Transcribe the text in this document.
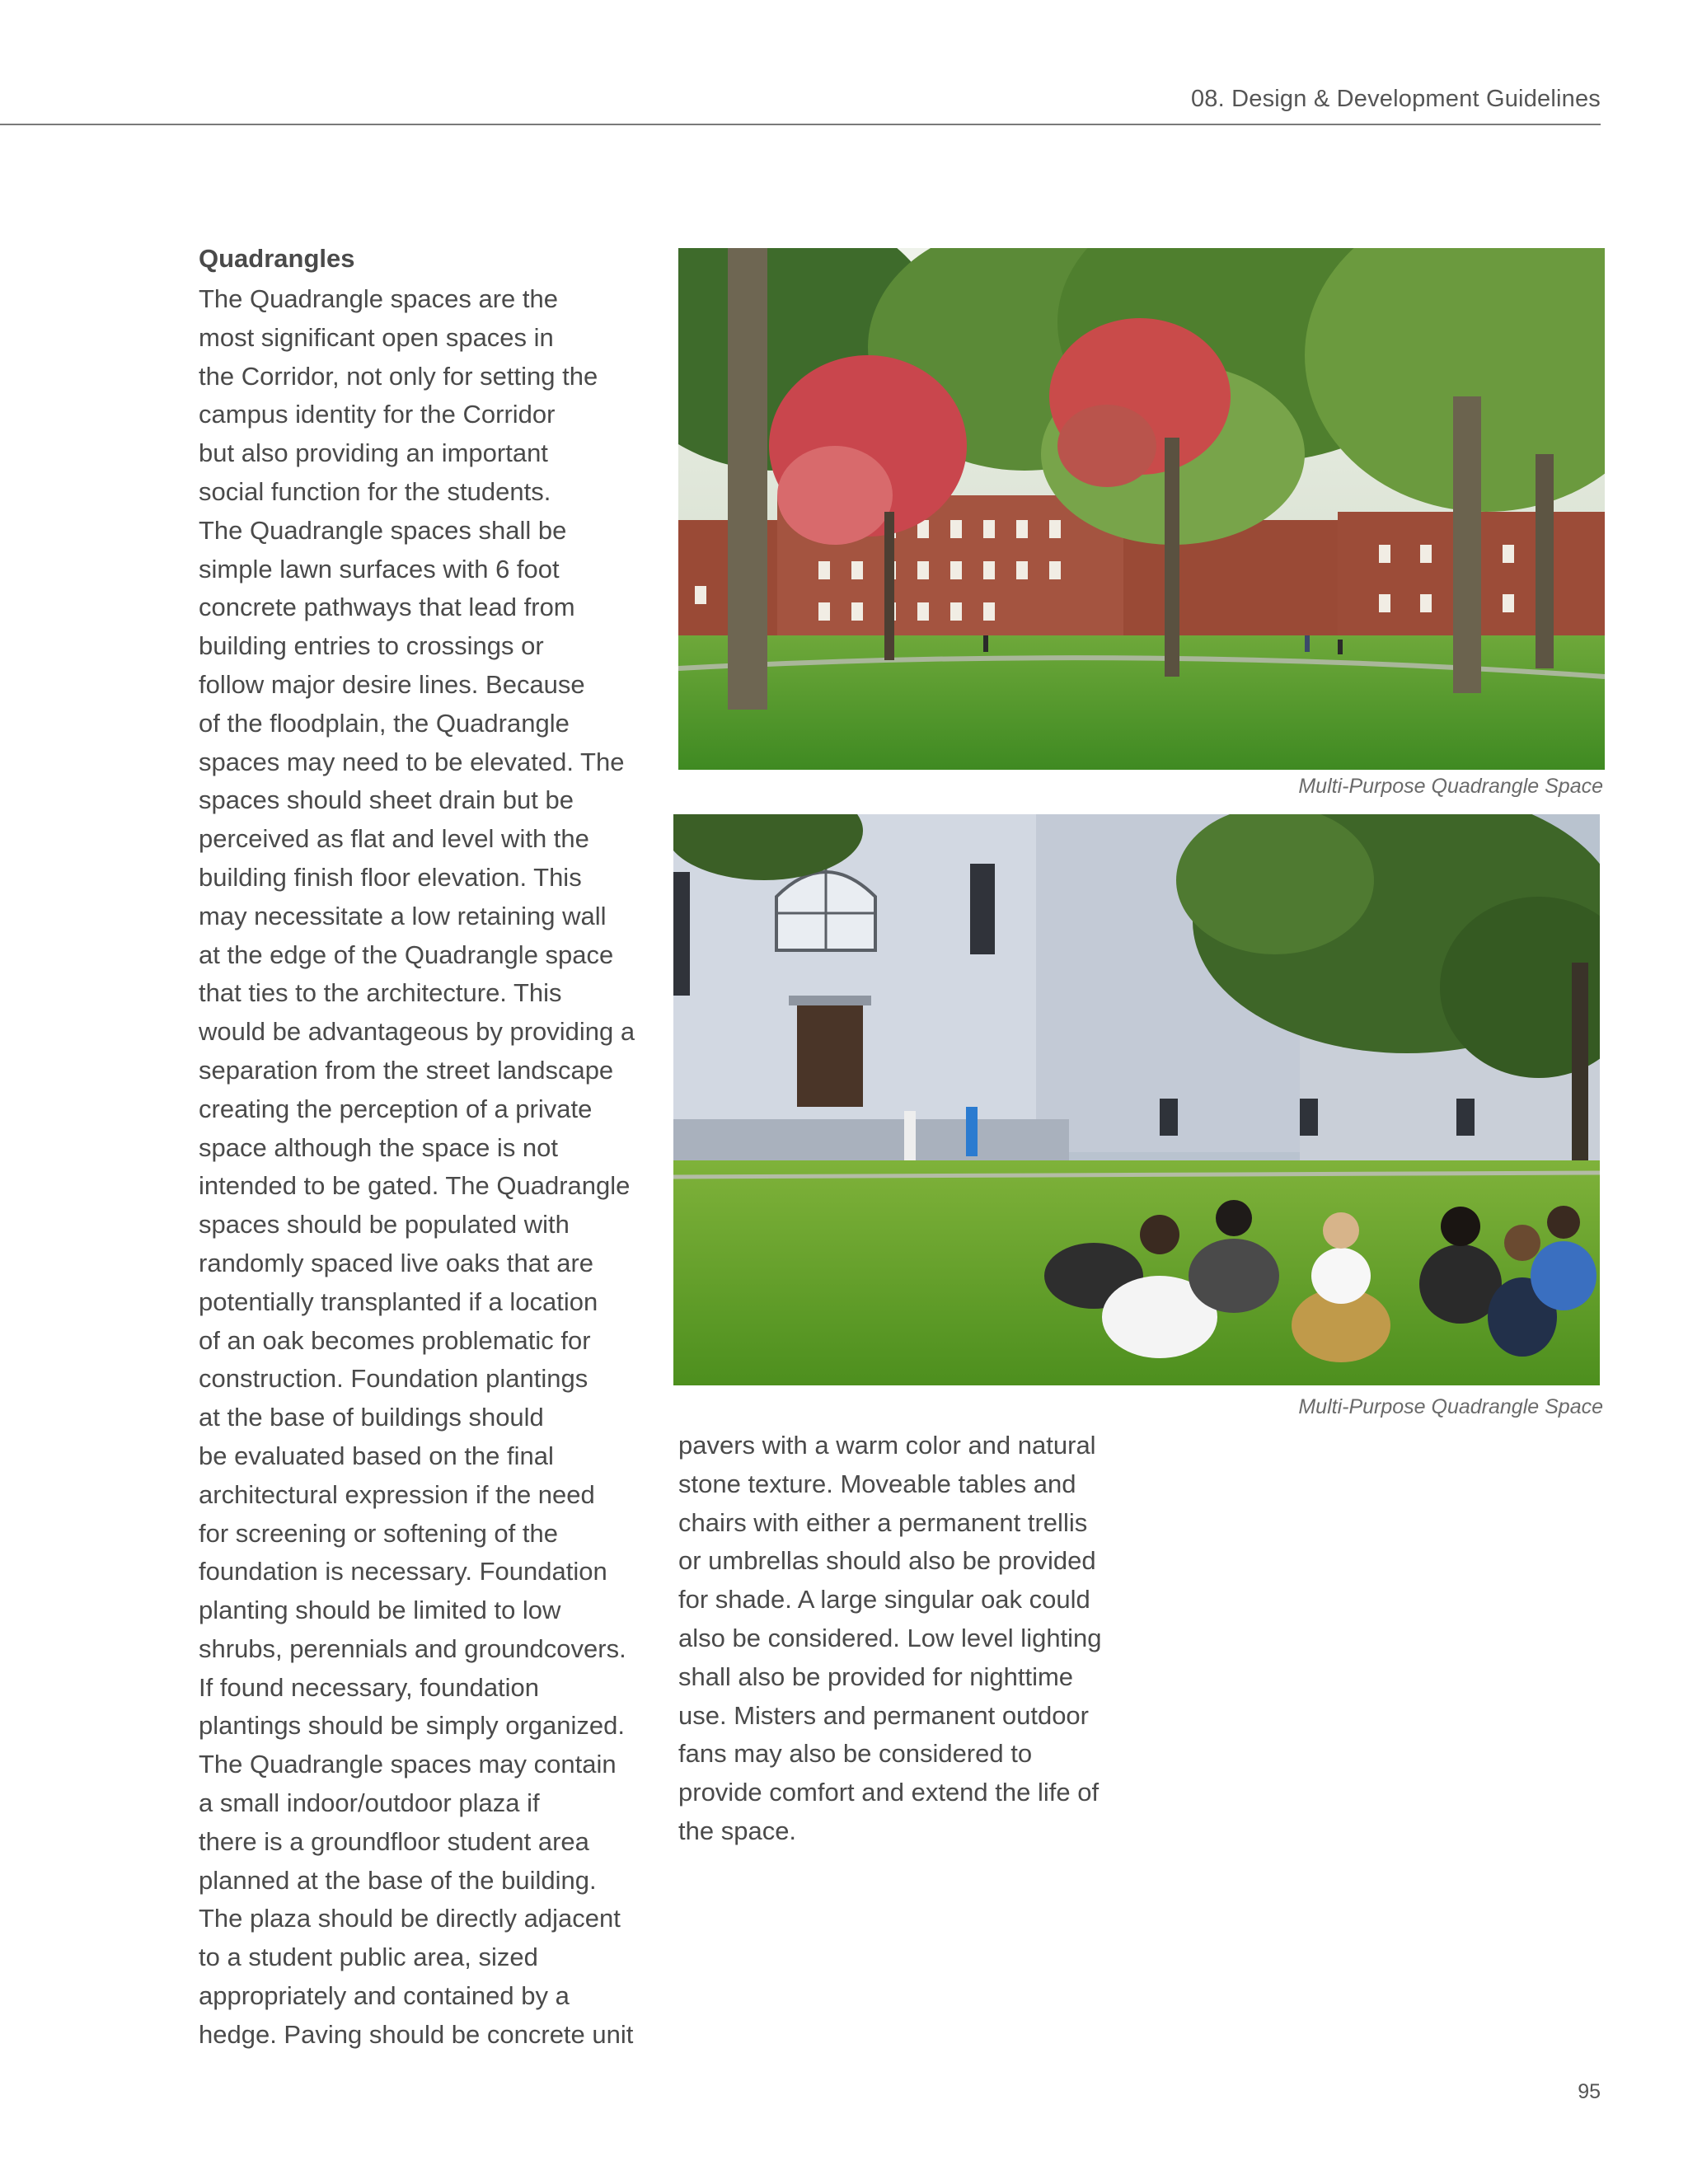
08. Design & Development Guidelines
Quadrangles
The Quadrangle spaces are the
most significant open spaces in
the Corridor, not only for setting the
campus identity for the Corridor
but also providing an important
social function for the students.
The Quadrangle spaces shall be
simple lawn surfaces with 6 foot
concrete pathways that lead from
building entries to crossings or
follow major desire lines. Because
of the floodplain, the Quadrangle
spaces may need to be elevated. The
spaces should sheet drain but be
perceived as flat and level with the
building finish floor elevation. This
may necessitate a low retaining wall
at the edge of the Quadrangle space
that ties to the architecture. This
would be advantageous by providing a
separation from the street landscape
creating the perception of a private
space although the space is not
intended to be gated. The Quadrangle
spaces should be populated with
randomly spaced live oaks that are
potentially transplanted if a location
of an oak becomes problematic for
construction. Foundation plantings
at the base of buildings should
be evaluated based on the final
architectural expression if the need
for screening or softening of the
foundation is necessary. Foundation
planting should be limited to low
shrubs, perennials and groundcovers.
If found necessary, foundation
plantings should be simply organized.
The Quadrangle spaces may contain
a small indoor/outdoor plaza if
there is a groundfloor student area
planned at the base of the building.
The plaza should be directly adjacent
to a student public area, sized
appropriately and contained by a
hedge. Paving should be concrete unit
Multi-Purpose Quadrangle Space
Multi-Purpose Quadrangle Space
pavers with a warm color and natural
stone texture. Moveable tables and
chairs with either a permanent trellis
or umbrellas should also be provided
for shade. A large singular oak could
also be considered. Low level lighting
shall also be provided for nighttime
use. Misters and permanent outdoor
fans may also be considered to
provide comfort and extend the life of
the space.
95
